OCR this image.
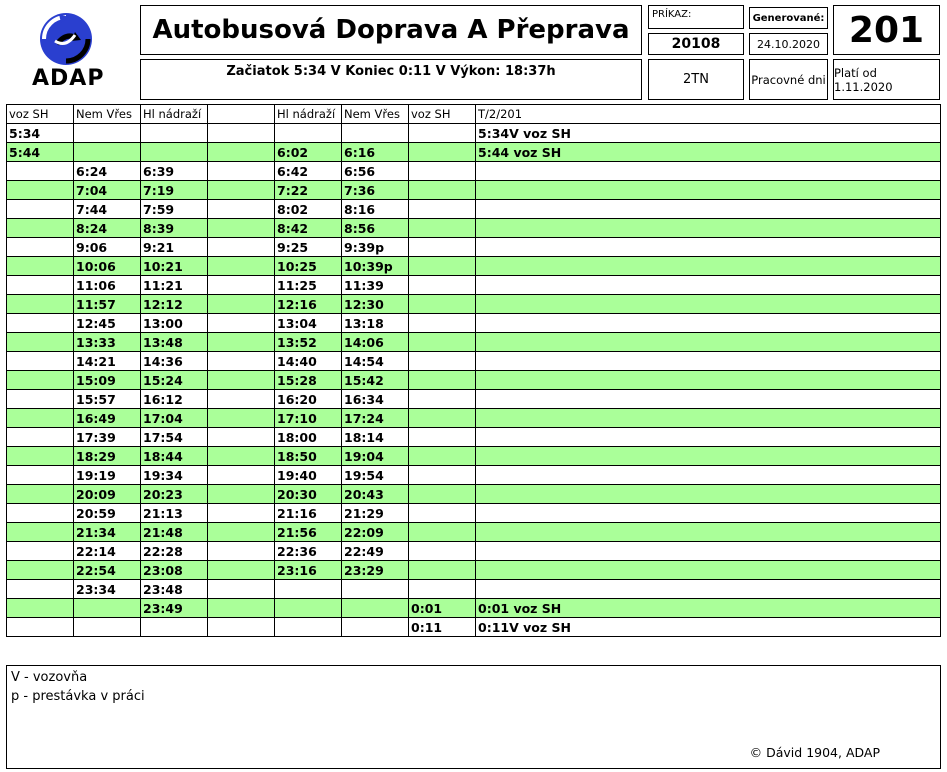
ADAP
Autobusová Doprava A Přeprava
Začiatok 5:34 V Koniec 0:11 V Výkon: 18:37h
PRÍKAZ:
20108
Generované:
24.10.2020 201
2TN	Pracovné dni Platí od 1.11.2020
voz SH	Nem Vřes	Hl nádraží		Hl nádraží	Nem Vřes	voz SH	T/2/201
5:34							5:34V voz SH
5:44				6:02	6:16		5:44 voz SH
	6:24	6:39		6:42	6:56		
	7:04	7:19		7:22	7:36		
	7:44	7:59		8:02	8:16		
	8:24	8:39		8:42	8:56		
	9:06	9:21		9:25	9:39p		
	10:06	10:21		10:25	10:39p		
	11:06	11:21		11:25	11:39		
	11:57	12:12		12:16	12:30		
	12:45	13:00		13:04	13:18		
	13:33	13:48		13:52	14:06		
	14:21	14:36		14:40	14:54		
	15:09	15:24		15:28	15:42		
	15:57	16:12		16:20	16:34		
	16:49	17:04		17:10	17:24		
	17:39	17:54		18:00	18:14		
	18:29	18:44		18:50	19:04		
	19:19	19:34		19:40	19:54		
	20:09	20:23		20:30	20:43		
	20:59	21:13		21:16	21:29		
	21:34	21:48		21:56	22:09		
	22:14	22:28		22:36	22:49		
	22:54	23:08		23:16	23:29		
	23:34	23:48					
		23:49				0:01	0:01 voz SH
						0:11	0:11V voz SH
V - vozovňa
p - prestávka v práci
© Dávid 1904, ADAP
